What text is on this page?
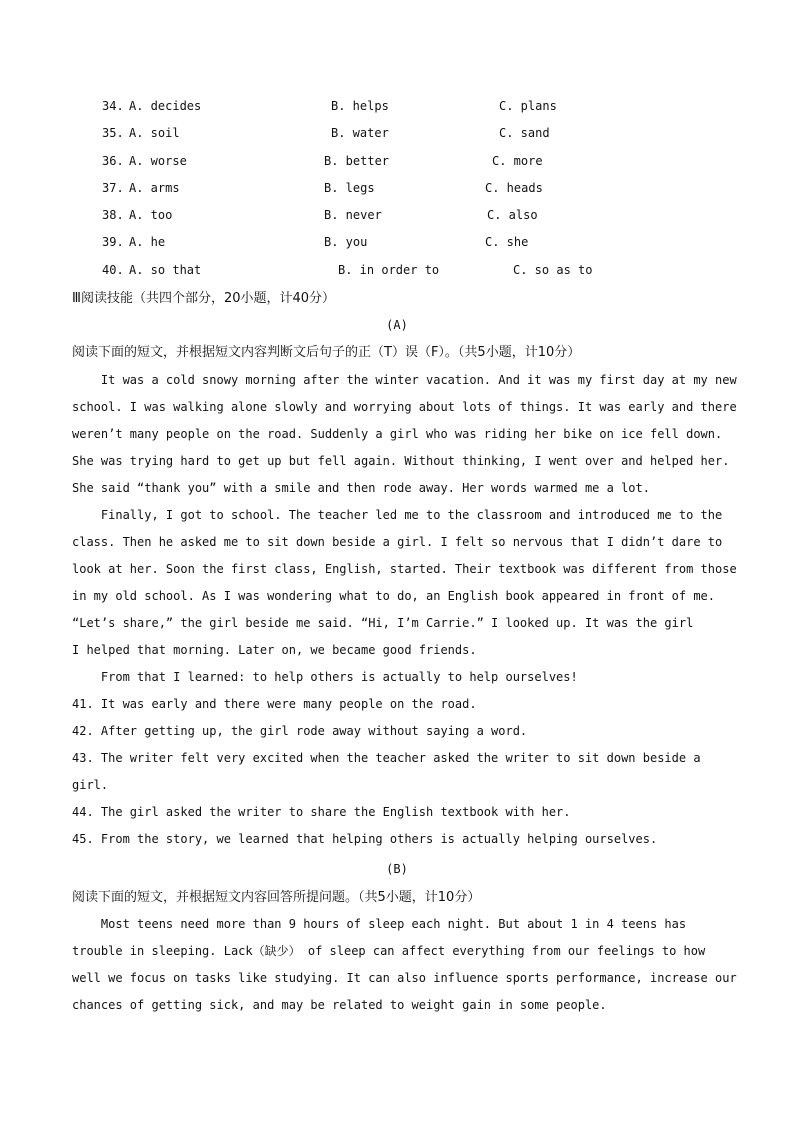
34. A. decides	B. helps	C. plans
35. A. soil	B. water	C. sand
36. A. worse	B. better	C. more
37. A. arms	B. legs	C. heads
38. A. too	B. never	C. also
39. A. he	B. you	C. she
40. A. so that	B. in order to	C. so as to
Ⅲ阅读技能（共四个部分，20小题，计40分）
(A)
阅读下面的短文，并根据短文内容判断文后句子的正（T）误（F）。（共5小题，计10分）
It was a cold snowy morning after the winter vacation. And it was my first day at my new
school. I was walking alone slowly and worrying about lots of things. It was early and there
weren’t many people on the road. Suddenly a girl who was riding her bike on ice fell down.
She was trying hard to get up but fell again. Without thinking, I went over and helped her.
She said “thank you” with a smile and then rode away. Her words warmed me a lot.
Finally, I got to school. The teacher led me to the classroom and introduced me to the
class. Then he asked me to sit down beside a girl. I felt so nervous that I didn’t dare to
look at her. Soon the first class, English, started. Their textbook was different from those
in my old school. As I was wondering what to do, an English book appeared in front of me.
“Let’s share,” the girl beside me said. “Hi, I’m Carrie.” I looked up. It was the girl
I helped that morning. Later on, we became good friends.
From that I learned: to help others is actually to help ourselves!
41. It was early and there were many people on the road.
42. After getting up, the girl rode away without saying a word.
43. The writer felt very excited when the teacher asked the writer to sit down beside a
girl.
44. The girl asked the writer to share the English textbook with her.
45. From the story, we learned that helping others is actually helping ourselves.
(B)
阅读下面的短文，并根据短文内容回答所提问题。（共5小题，计10分）
Most teens need more than 9 hours of sleep each night. But about 1 in 4 teens has
trouble in sleeping. Lack（缺少） of sleep can affect everything from our feelings to how
well we focus on tasks like studying. It can also influence sports performance, increase our
chances of getting sick, and may be related to weight gain in some people.
